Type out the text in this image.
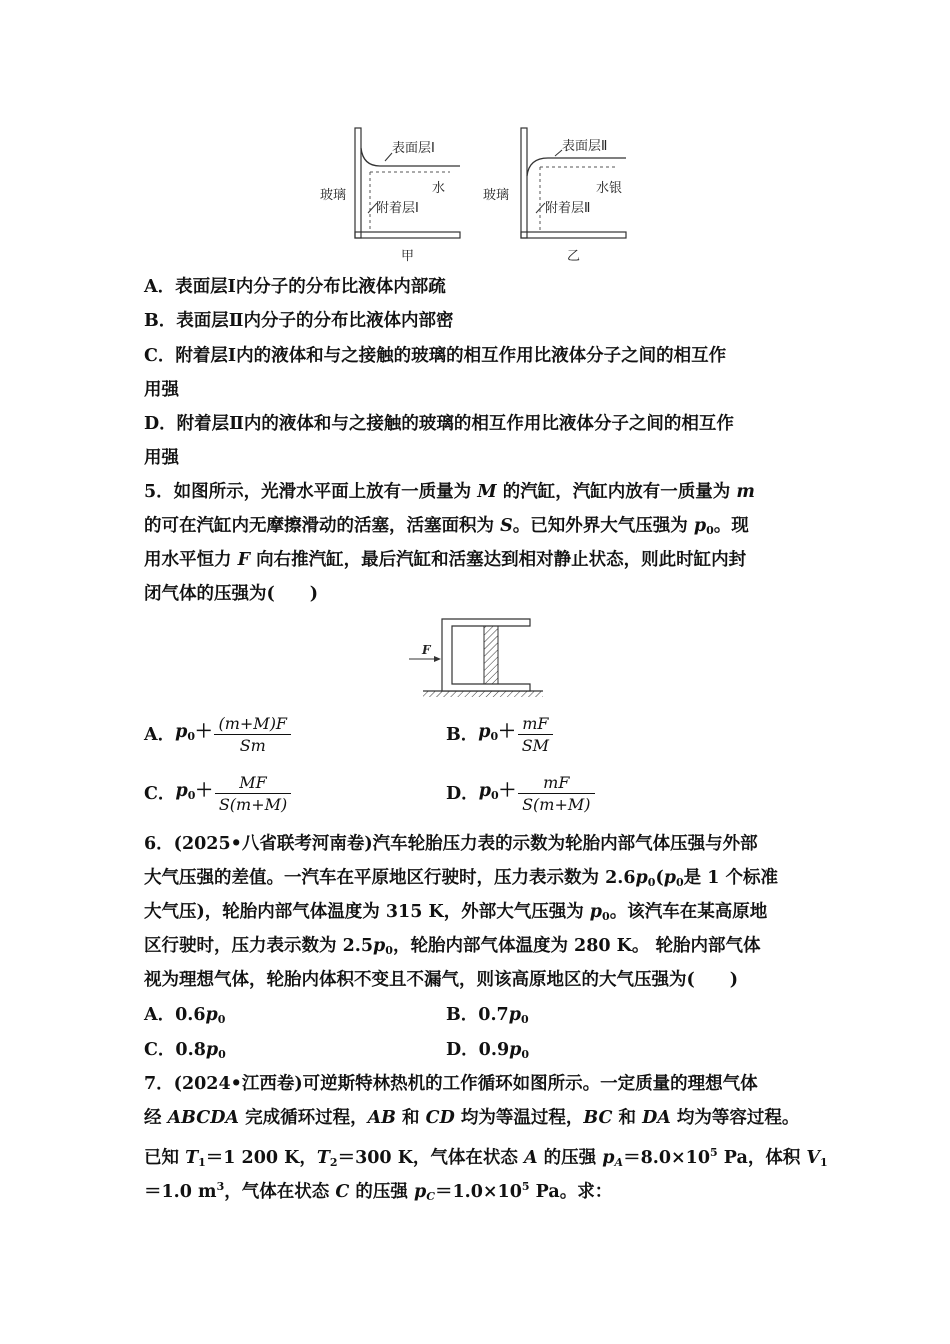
表面层Ⅰ
玻璃	水
附着层Ⅰ
甲
表面层Ⅱ
玻璃	水银
附着层Ⅱ
乙
A．表面层Ⅰ内分子的分布比液体内部疏
B．表面层Ⅱ内分子的分布比液体内部密
C．附着层Ⅰ内的液体和与之接触的玻璃的相互作用比液体分子之间的相互作
用强
D．附着层Ⅱ内的液体和与之接触的玻璃的相互作用比液体分子之间的相互作
用强
5．如图所示，光滑水平面上放有一质量为 M 的汽缸，汽缸内放有一质量为 m
的可在汽缸内无摩擦滑动的活塞，活塞面积为 S。已知外界大气压强为 $p_0$。现
用水平恒力 F 向右推汽缸，最后汽缸和活塞达到相对静止状态，则此时缸内封
闭气体的压强为(　　)
F
A．$p_0+ \frac{(m+M)F}{Sm}$	B．$p_0+ \frac{mF}{SM}$
C．$p_0+ \frac{MF}{S(m+M)}$	D．$p_0+ \frac{mF}{S(m+M)}$
6．(2025•八省联考河南卷)汽车轮胎压力表的示数为轮胎内部气体压强与外部
大气压强的差值。一汽车在平原地区行驶时，压力表示数为 $2.6p_0(p_0$是 1 个标准
大气压)，轮胎内部气体温度为 315 K，外部大气压强为 $p_0$。该汽车在某高原地
区行驶时，压力表示数为 $2.5p_0$，轮胎内部气体温度为 280 K。 轮胎内部气体
视为理想气体，轮胎内体积不变且不漏气，则该高原地区的大气压强为(　　)
A．$0.6p_0$	B．$0.7p_0$
C．$0.8p_0$	D．$0.9p_0$
7．(2024•江西卷)可逆斯特林热机的工作循环如图所示。一定质量的理想气体
经 ABCDA 完成循环过程，AB 和 CD 均为等温过程，BC 和 DA 均为等容过程。
已知 $T_1=1$ 200 K，$T_2=300$ K，气体在状态 A 的压强 $p_A=8.0\times 10^5$ Pa，体积 $V_1$
＝1.0 $m^3$，气体在状态 C 的压强 $p_C=1.0\times 10^5$ Pa。求：
